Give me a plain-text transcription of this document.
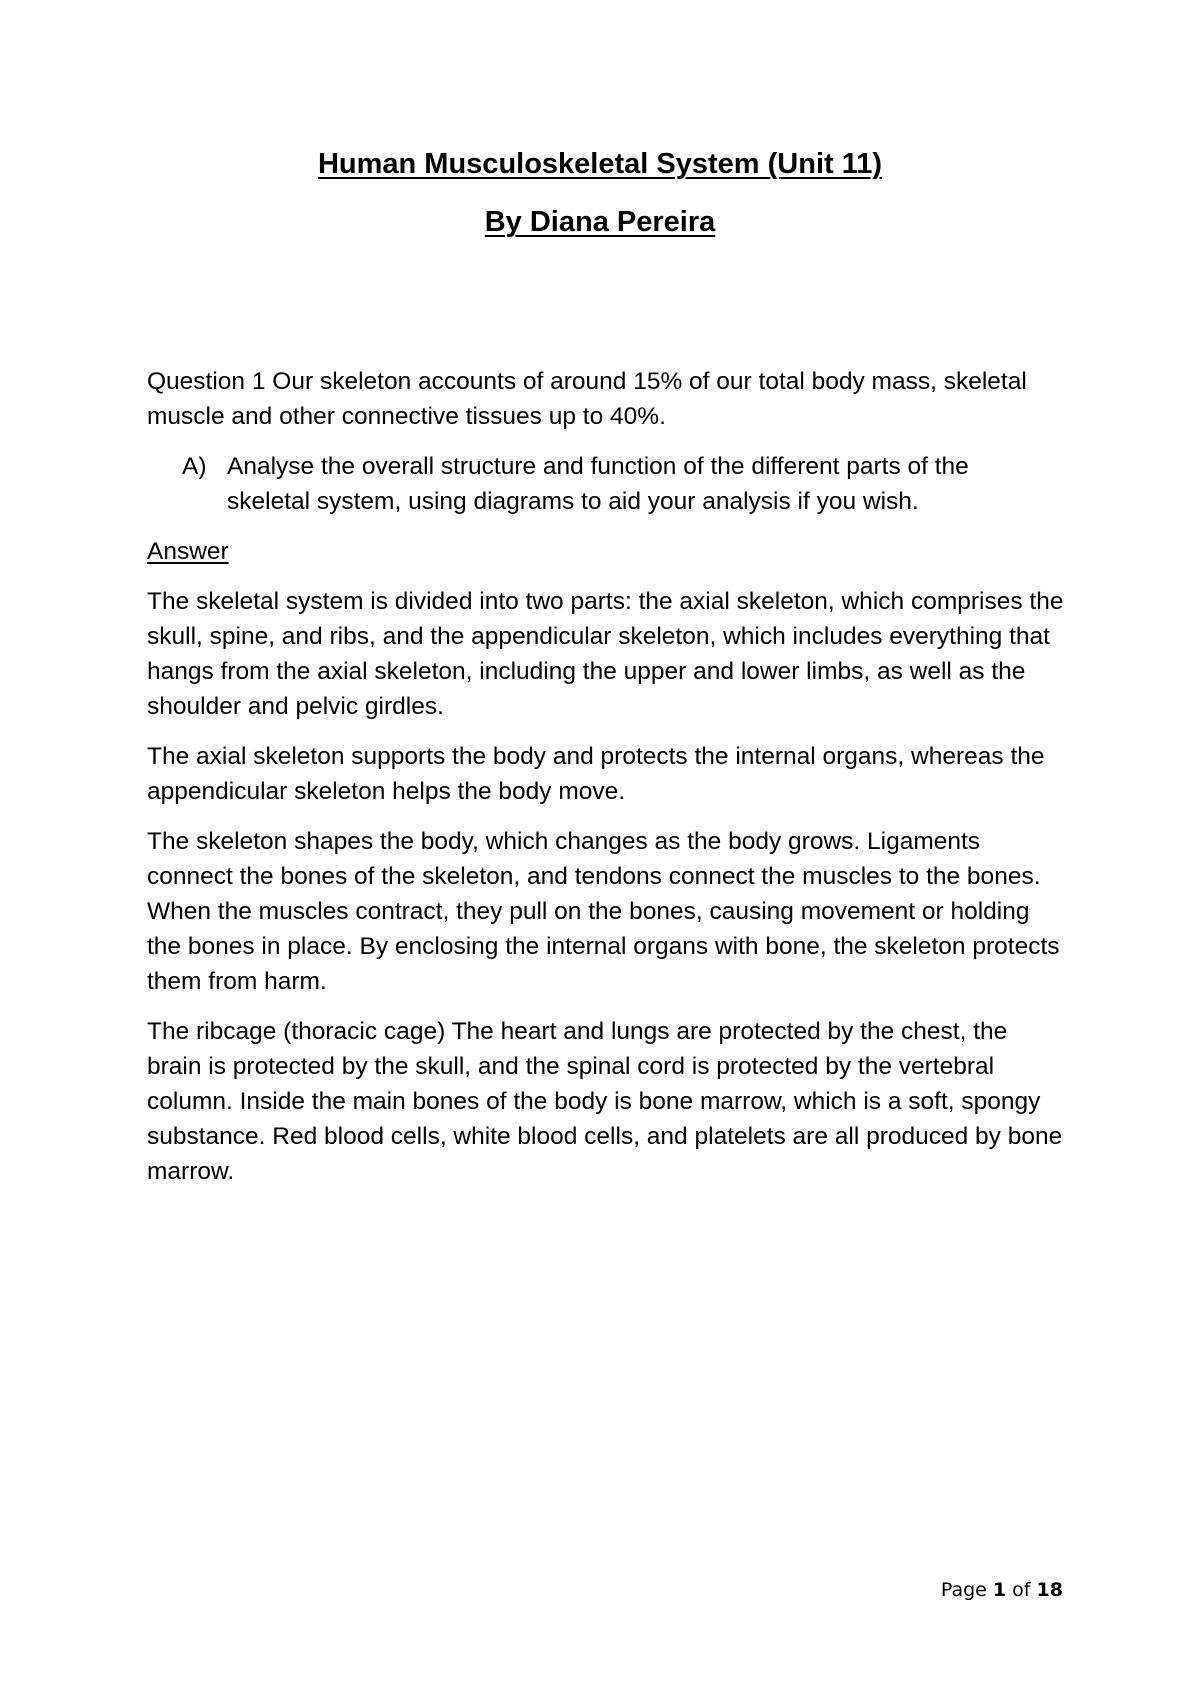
Human Musculoskeletal System (Unit 11)
By Diana Pereira

Question 1 Our skeleton accounts of around 15% of our total body mass, skeletal muscle and other connective tissues up to 40%.

A) Analyse the overall structure and function of the different parts of the skeletal system, using diagrams to aid your analysis if you wish.

Answer

The skeletal system is divided into two parts: the axial skeleton, which comprises the skull, spine, and ribs, and the appendicular skeleton, which includes everything that hangs from the axial skeleton, including the upper and lower limbs, as well as the shoulder and pelvic girdles.

The axial skeleton supports the body and protects the internal organs, whereas the appendicular skeleton helps the body move.

The skeleton shapes the body, which changes as the body grows. Ligaments connect the bones of the skeleton, and tendons connect the muscles to the bones. When the muscles contract, they pull on the bones, causing movement or holding the bones in place. By enclosing the internal organs with bone, the skeleton protects them from harm.

The ribcage (thoracic cage) The heart and lungs are protected by the chest, the brain is protected by the skull, and the spinal cord is protected by the vertebral column. Inside the main bones of the body is bone marrow, which is a soft, spongy substance. Red blood cells, white blood cells, and platelets are all produced by bone marrow.

Page 1 of 18
